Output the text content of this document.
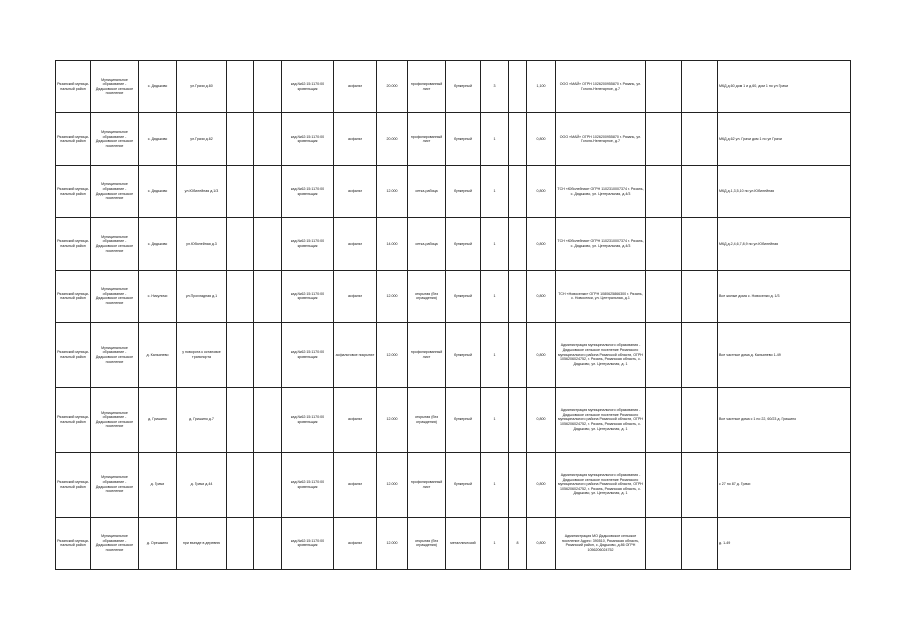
Рязанский муници-пальный район	Муниципальное образование - Дядьковское сельское поселение	с. Дядьково	ул.Грачи д.60			кад.№62:15:1170:00 кровельщик	асфальт	20.000	профилированный лист	бункерный	3		1,100	ООО «МАЙ» ОГРН 1026200955870 г. Рязань, ул. Гоголя-Нелегарное, д.7			МКД д.60 дом 1 и д.60, дом 1 по ул Грачи
Рязанский муници-пальный район	Муниципальное образование - Дядьковское сельское поселение	с. Дядьково	ул.Грачи д.62			кад.№62:15:1170:00 кровельщик	асфальт	20.000	профилированный лист	бункерный	1		0,800	ООО «МАЙ» ОГРН 1026200955870 г. Рязань, ул. Гоголя-Нелегарное, д.7			МКД д.62 ул. Грачи дом 1 по ул Грачи
Рязанский муници-пальный район	Муниципальное образование - Дядьковское сельское поселение	с. Дядьково	ул.Юбилейная д.1/3			кад.№62:15:1170:00 кровельщик	асфальт	12.000	сетка-рабица	бункерный	1		0,800	ТСН «Юбилейная» ОГРН 1102310007374 г. Рязань, с. Дядьково, ул. Центральная, д.4/3			МКД д.1,3,5,10 по ул.Юбилейная
Рязанский муници-пальный район	Муниципальное образование - Дядьковское сельское поселение	с. Дядьково	ул.Юбилейная д.3			кад.№62:15:1170:00 кровельщик	асфальт	14.000	сетка-рабица	бункерный	1		0,800	ТСН «Юбилейная» ОГРН 1102310007374 г. Рязань, с. Дядьково, ул. Центральная, д.4/3			МКД д.2,4,6,7,8,9 по ул.Юбилейная
Рязанский муници-пальный район	Муниципальное образование - Дядьковское сельское поселение	с. Никуличи	ул.Прохладная д.1			кад.№62:15:1170:00 кровельщик	асфальт	12.000	открытая (без ограждения)	бункерный	1		0,800	ТСН «Новоселки» ОГРН 1080625866300 г. Рязань, с. Новоселки, ул. Центральная, д.1			Все жилые дома с. Новоселки д. 1/3
Рязанский муници-пальный район	Муниципальное образование - Дядьковское сельское поселение	д. Кальянево	у поворота к остановке транспорта			кад.№62:15:1170:00 кровельщик	асфальтовое покрытие	12.000	профилированный лист	бункерный	1		0,800	Администрация муниципального образования - Дядьковское сельское поселение Рязанского муниципального района Рязанской области, ОГРН 1056206024752, г. Рязань, Рязанская область, с. Дядьково, ул. Центральная, д. 1			Все частные дома д. Кальянево 1-49
Рязанский муници-пальный район	Муниципальное образование - Дядьковское сельское поселение	д. Гришино	д. Гришино д.7			кад.№62:15:1170:00 кровельщик	асфальт	12.000	открытая (без ограждения)	бункерный	1		0,800	Администрация муниципального образования - Дядьковское сельское поселение Рязанского муниципального района Рязанской области, ОГРН 1056206024752, г. Рязань, Рязанская область, с. Дядьково, ул. Центральная, д. 1			Все частные дома с 1 по 22, 60/23 д. Гришино
Рязанский муници-пальный район	Муниципальное образование - Дядьковское сельское поселение	д. Грачи	д. Грачи д.44			кад.№62:15:1170:00 кровельщик	асфальт	12.000	профилированный лист	бункерный	1		0,800	Администрация муниципального образования - Дядьковское сельское поселение Рязанского муниципального района Рязанской области, ОГРН 1056206024752, г. Рязань, Рязанская область, с. Дядьково, ул. Центральная, д. 1			с 27 по 87 д. Грачи
Рязанский муници-пальный район	Муниципальное образование - Дядьковское сельское поселение	д. Орешкино	при въезде в деревню			кад.№62:15:1170:00 кровельщик	асфальт	12.000	открытая (без ограждения)	металлический	1	8	0,800	Администрация МО Дядьковское сельское поселение Адрес: 390510, Рязанская область, Рязанский район, с. Дядьково, д.86 ОГРН 1056206024752			д. 1-49
